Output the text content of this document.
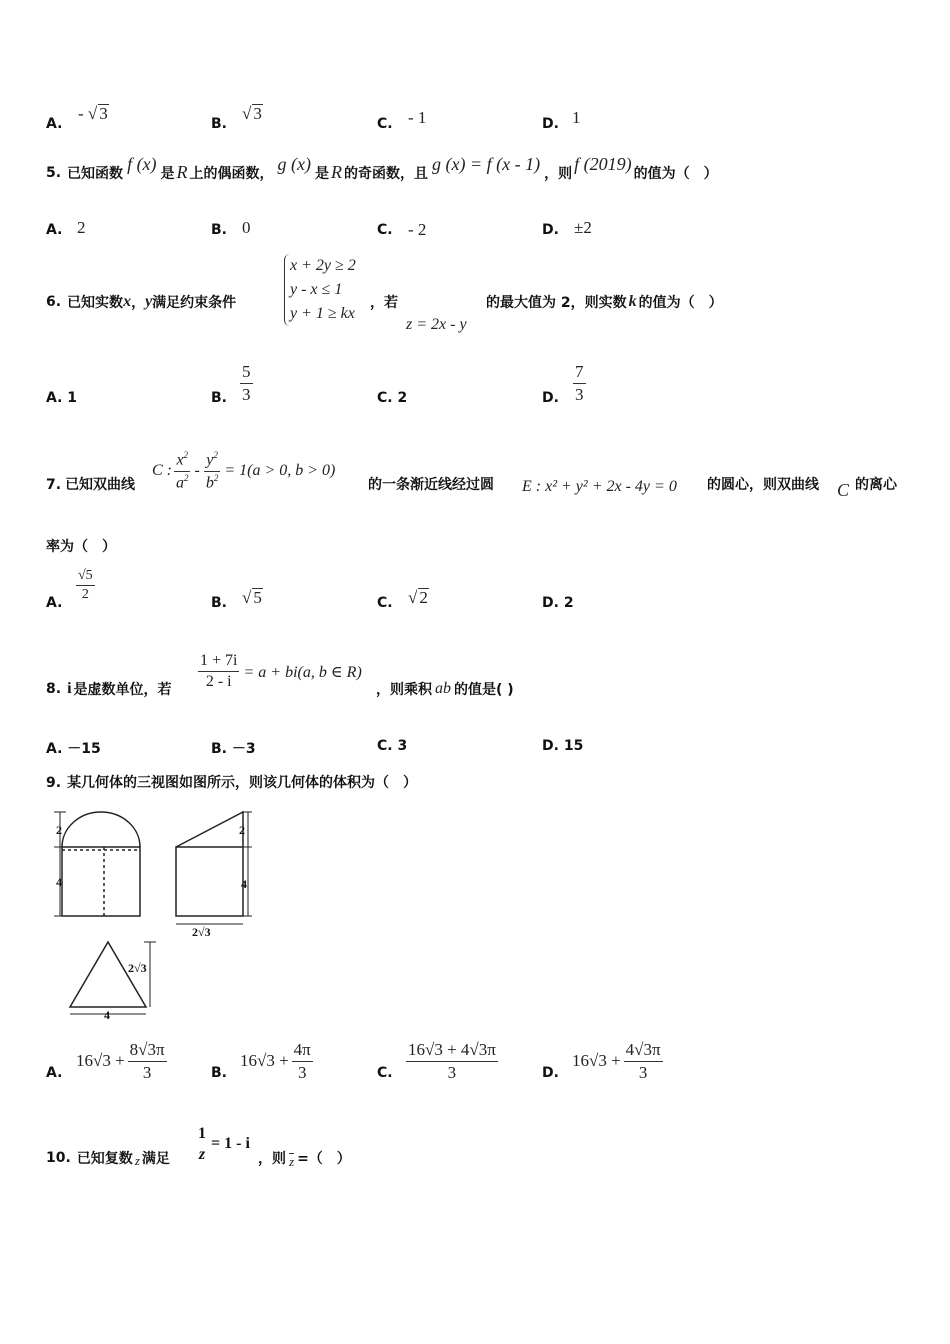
A.
- √ 3
B.
√ 3
C. - 1	D. 1
5. 已知函数 f (x) 是 R 上的偶函数， g (x) 是 R 的奇函数，且 g (x) = f (x - 1) ，则 f (2019) 的值为（　）
A. 2	B. 0	C. - 2	D. ±2
6. 已知实数 x ， y 满足约束条件
x + 2y ≥ 2
y - x ≤ 1
y + 1 ≥ kx
，若
z = 2x - y
的最大值为 2，则实数 k 的值为（　）
A. 1	B. $\frac{5}{3}$	C. 2	D. $\frac{7}{3}$
7. 已知双曲线
C : $\frac{x^2}{a^2} - \frac{y^2}{b^2} = 1(a > 0$, b > 0)
的一条渐近线经过圆 E : x² + y² + 2x - 4y = 0 的圆心，则双曲线 C 的离心
率为（　）
A. $\frac{√5}{2}$	B. √ 5	C. √ 2	D. 2
8. i 是虚数单位，若 $\frac{1 + 7i}{2 - i} = a + bi(a$, b ∈ R)
，则乘积 ab 的值是( )
A. －15	B. －3	C. 3	D. 15
9. 某几何体的三视图如图所示，则该几何体的体积为（　）
2
4
2
4
2√3
2√3
4
A.
$16√3 + \frac{8√3\pi}{3}$	B.
$16√3 + \frac{4\pi}{3}$	C. $\frac{16√3 + 4√3\pi}{3}$	D.
$16√3 + \frac{4√3\pi}{3}$
10. 已知复数 z 满足
1
z
= 1 - i
，则 z =（　）
